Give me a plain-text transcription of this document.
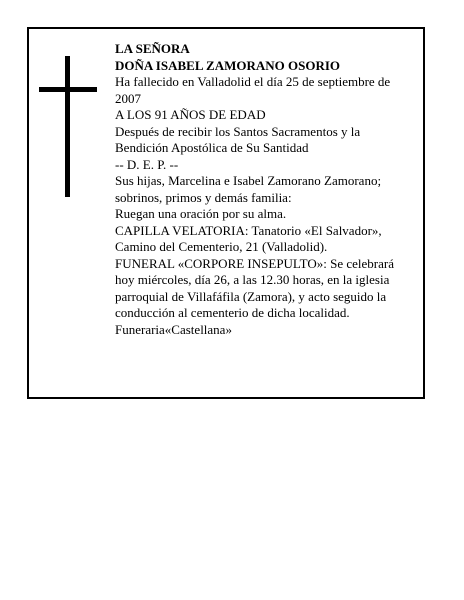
LA SEÑORA

DOÑA ISABEL ZAMORANO OSORIO

Ha fallecido en Valladolid el día 25 de septiembre de 2007

A LOS 91 AÑOS DE EDAD

Después de recibir los Santos Sacramentos y la Bendición Apostólica de Su Santidad

-- D. E. P. --

Sus hijas, Marcelina e Isabel Zamorano Zamorano; sobrinos, primos y demás familia:

Ruegan una oración por su alma.

CAPILLA VELATORIA: Tanatorio «El Salvador», Camino del Cementerio, 21 (Valladolid).

FUNERAL «CORPORE INSEPULTO»: Se celebrará hoy miércoles, día 26, a las 12.30 horas, en la iglesia parroquial de Villafáfila (Zamora), y acto seguido la conducción al cementerio de dicha localidad.

Funeraria«Castellana»
